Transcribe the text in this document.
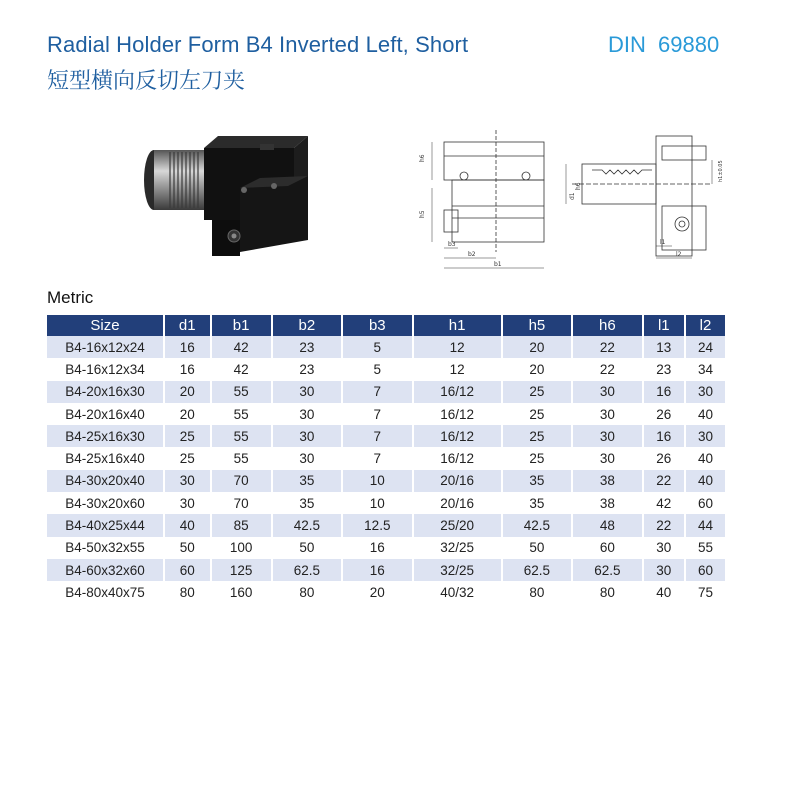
Radial Holder Form B4 Inverted Left, Short
短型横向反切左刀夹
DIN 69880
h6
h5
b3
b2
b1
d1
h6
h1±0.05
l1
l2
Metric
Size	d1	b1	b2	b3	h1	h5	h6	l1	l2
B4-16x12x24	16	42	23	5	12	20	22	13	24
B4-16x12x34	16	42	23	5	12	20	22	23	34
B4-20x16x30	20	55	30	7	16/12	25	30	16	30
B4-20x16x40	20	55	30	7	16/12	25	30	26	40
B4-25x16x30	25	55	30	7	16/12	25	30	16	30
B4-25x16x40	25	55	30	7	16/12	25	30	26	40
B4-30x20x40	30	70	35	10	20/16	35	38	22	40
B4-30x20x60	30	70	35	10	20/16	35	38	42	60
B4-40x25x44	40	85	42.5	12.5	25/20	42.5	48	22	44
B4-50x32x55	50	100	50	16	32/25	50	60	30	55
B4-60x32x60	60	125	62.5	16	32/25	62.5	62.5	30	60
B4-80x40x75	80	160	80	20	40/32	80	80	40	75
